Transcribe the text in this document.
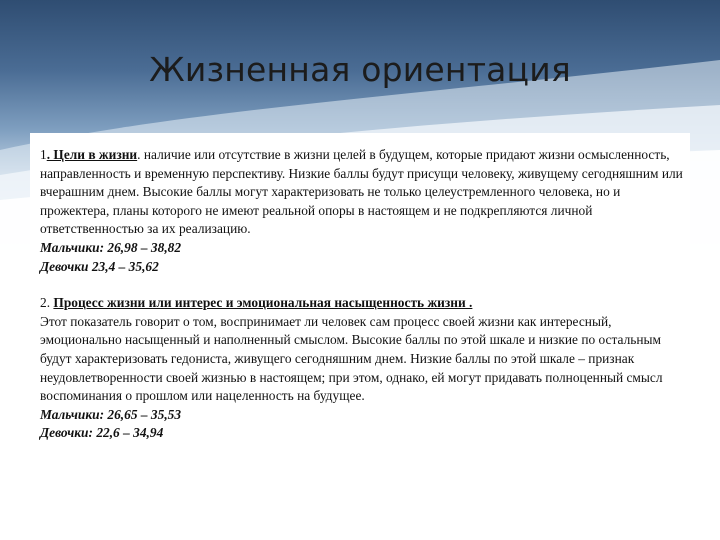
Жизненная ориентация

1. Цели в жизни. наличие или отсутствие в жизни целей в будущем, которые придают жизни осмысленность, направленность и временную перспективу. Низкие баллы будут присущи человеку, живущему сегодняшним или вчерашним днем. Высокие баллы могут характеризовать не только целеустремленного человека, но и прожектера, планы которого не имеют реальной опоры в настоящем и не подкрепляются личной ответственностью за их реализацию.

Мальчики: 26,98 – 38,82

Девочки 23,4 – 35,62

2. Процесс жизни или интерес и эмоциональная насыщенность жизни .

Этот показатель говорит о том, воспринимает ли человек сам процесс своей жизни как интересный, эмоционально насыщенный и наполненный смыслом. Высокие баллы по этой шкале и низкие по остальным будут характеризовать гедониста, живущего сегодняшним днем. Низкие баллы по этой шкале – признак неудовлетворенности своей жизнью в настоящем; при этом, однако, ей могут придавать полноценный смысл воспоминания о прошлом или нацеленность на будущее.

Мальчики: 26,65 – 35,53

Девочки: 22,6 – 34,94
